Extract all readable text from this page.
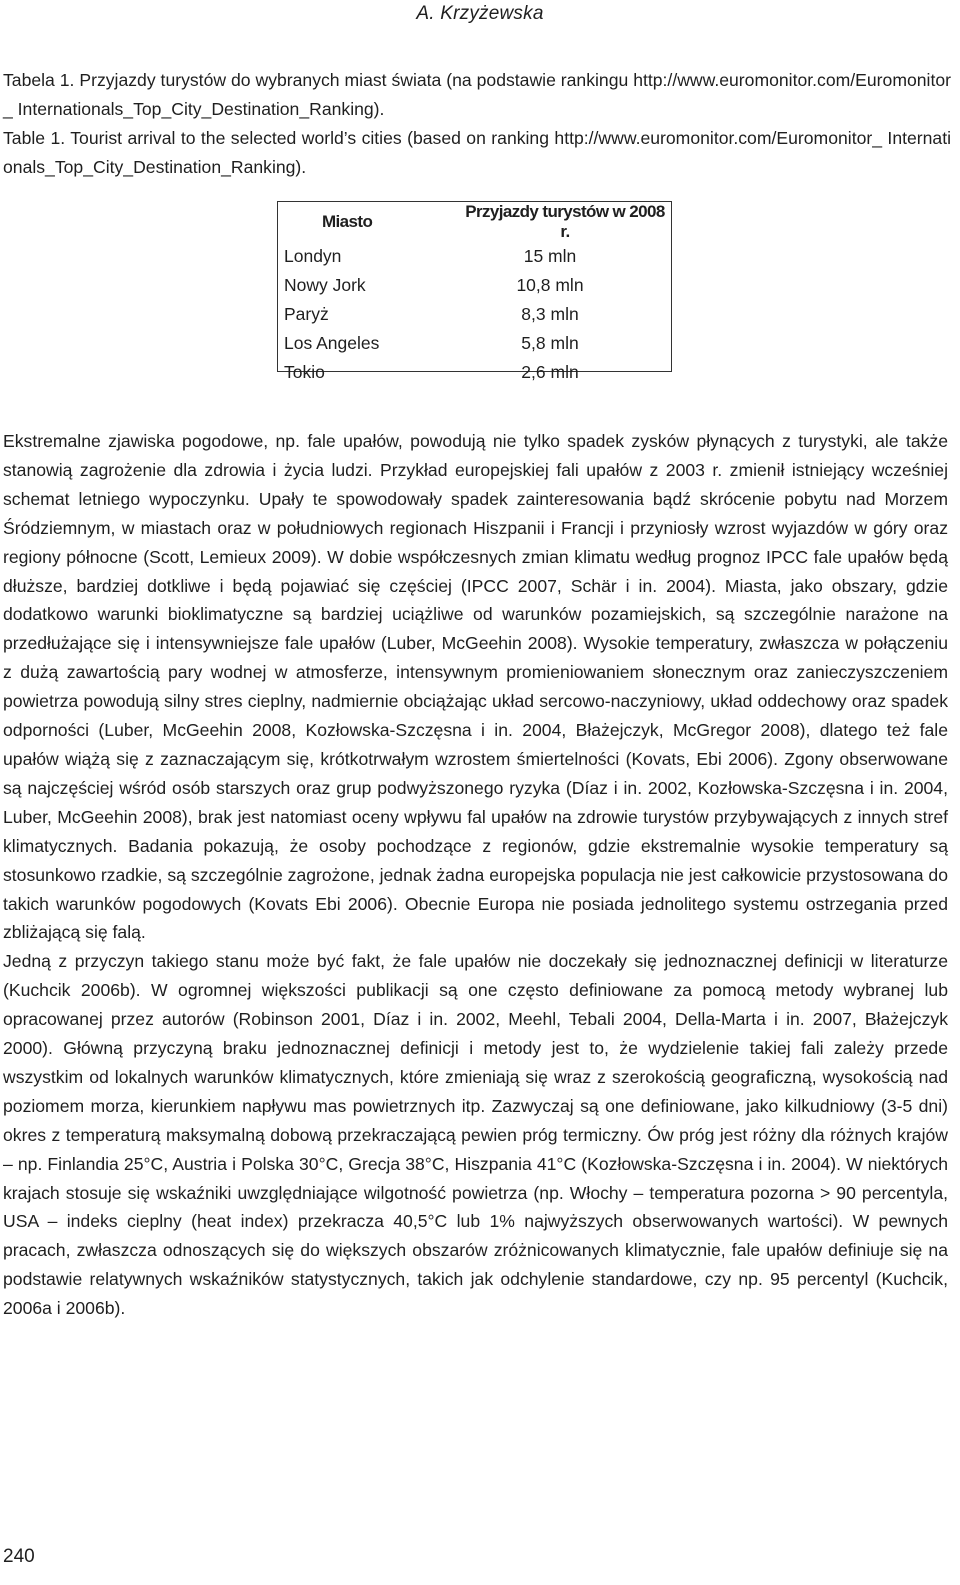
A. Krzyżewska

Tabela 1. Przyjazdy turystów do wybranych miast świata (na podstawie rankingu http://www.euromonitor.com/Euromonitor_ Internationals_Top_City_Destination_Ranking).

Table 1. Tourist arrival to the selected world’s cities (based on ranking http://www.euromonitor.com/Euromonitor_ Internationals_Top_City_Destination_Ranking).

Miasto	Przyjazdy turystów w 2008 r.
Londyn	15 mln
Nowy Jork	10,8 mln
Paryż	8,3 mln
Los Angeles	5,8 mln
Tokio	2,6 mln

Ekstremalne zjawiska pogodowe, np. fale upałów, powodują nie tylko spadek zysków płynących z turystyki, ale także stanowią zagrożenie dla zdrowia i życia ludzi. Przykład europejskiej fali upałów z 2003 r. zmienił istniejący wcześniej schemat letniego wypoczynku. Upały te spowodowały spadek zainteresowania bądź skrócenie pobytu nad Morzem Śródziemnym, w miastach oraz w południowych regionach Hiszpanii i Francji i przyniosły wzrost wyjazdów w góry oraz regiony północne (Scott, Lemieux 2009). W dobie współczesnych zmian klimatu według prognoz IPCC fale upałów będą dłuższe, bardziej dotkliwe i będą pojawiać się częściej (IPCC 2007, Schär i in. 2004). Miasta, jako obszary, gdzie dodatkowo warunki bioklimatyczne są bardziej uciążliwe od warunków pozamiejskich, są szczególnie narażone na przedłużające się i intensywniejsze fale upałów (Luber, McGeehin 2008). Wysokie temperatury, zwłaszcza w połączeniu z dużą zawartością pary wodnej w atmosferze, intensywnym promieniowaniem słonecznym oraz zanieczyszczeniem powietrza powodują silny stres cieplny, nadmiernie obciążając układ sercowo-naczyniowy, układ oddechowy oraz spadek odporności (Luber, McGeehin 2008, Kozłowska-Szczęsna i in. 2004, Błażejczyk, McGregor 2008), dlatego też fale upałów wiążą się z zaznaczającym się, krótkotrwałym wzrostem śmiertelności (Kovats, Ebi 2006). Zgony obserwowane są najczęściej wśród osób starszych oraz grup podwyższonego ryzyka (Díaz i in. 2002, Kozłowska-Szczęsna i in. 2004, Luber, McGeehin 2008), brak jest natomiast oceny wpływu fal upałów na zdrowie turystów przybywających z innych stref klimatycznych. Badania pokazują, że osoby pochodzące z regionów, gdzie ekstremalnie wysokie temperatury są stosunkowo rzadkie, są szczególnie zagrożone, jednak żadna europejska populacja nie jest całkowicie przystosowana do takich warunków pogodowych (Kovats Ebi 2006). Obecnie Europa nie posiada jednolitego systemu ostrzegania przed zbliżającą się falą.

Jedną z przyczyn takiego stanu może być fakt, że fale upałów nie doczekały się jednoznacznej definicji w literaturze (Kuchcik 2006b). W ogromnej większości publikacji są one często definiowane za pomocą metody wybranej lub opracowanej przez autorów (Robinson 2001, Díaz i in. 2002, Meehl, Tebali 2004, Della-Marta i in. 2007, Błażejczyk 2000). Główną przyczyną braku jednoznacznej definicji i metody jest to, że wydzielenie takiej fali zależy przede wszystkim od lokalnych warunków klimatycznych, które zmieniają się wraz z szerokością geograficzną, wysokością nad poziomem morza, kierunkiem napływu mas powietrznych itp. Zazwyczaj są one definiowane, jako kilkudniowy (3-5 dni) okres z temperaturą maksymalną dobową przekraczającą pewien próg termiczny. Ów próg jest różny dla różnych krajów – np. Finlandia 25°C, Austria i Polska 30°C, Grecja 38°C, Hiszpania 41°C (Kozłowska-Szczęsna i in. 2004). W niektórych krajach stosuje się wskaźniki uwzględniające wilgotność powietrza (np. Włochy – temperatura pozorna > 90 percentyla, USA – indeks cieplny (heat index) przekracza 40,5°C lub 1% najwyższych obserwowanych wartości). W pewnych pracach, zwłaszcza odnoszących się do większych obszarów zróżnicowanych klimatycznie, fale upałów definiuje się na podstawie relatywnych wskaźników statystycznych, takich jak odchylenie standardowe, czy np. 95 percentyl (Kuchcik, 2006a i 2006b).

240
